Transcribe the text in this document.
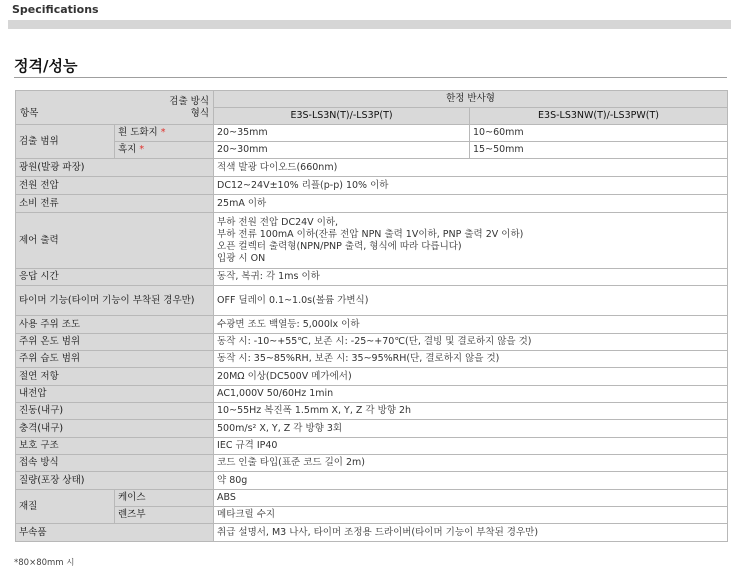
Specifications
정격/성능
검출 방식
항목 형식		한정 반사형	
		E3S-LS3N(T)/-LS3P(T)	E3S-LS3NW(T)/-LS3PW(T)
검출 범위	흰 도화지 *	20~35mm	10~60mm
	흑지 *	20~30mm	15~50mm
광원(발광 파장)		적색 발광 다이오드(660nm)	
전원 전압		DC12~24V±10% 리플(p-p) 10% 이하	
소비 전류		25mA 이하	
제어 출력		부하 전원 전압 DC24V 이하,
부하 전류 100mA 이하(잔류 전압 NPN 출력 1V이하, PNP 출력 2V 이하)
오픈 컬렉터 출력형(NPN/PNP 출력, 형식에 따라 다릅니다)
입광 시 ON	

응답 시간		동작, 복귀: 각 1ms 이하	
타이머 기능(타이머 기능이 부착된 경우만)		OFF 딜레이 0.1~1.0s(볼륨 가변식)	
사용 주위 조도		수광면 조도 백열등: 5,000lx 이하	
주위 온도 범위		동작 시: -10~+55℃, 보존 시: -25~+70℃(단, 결빙 및 결로하지 않을 것)	
주위 습도 범위		동작 시: 35~85%RH, 보존 시: 35~95%RH(단, 결로하지 않을 것)	
절연 저항		20MΩ 이상(DC500V 메가에서)	
내전압		AC1,000V 50/60Hz 1min	
진동(내구)		10~55Hz 복진폭 1.5mm X, Y, Z 각 방향 2h	
충격(내구)		500m/s² X, Y, Z 각 방향 3회	
보호 구조		IEC 규격 IP40	
접속 방식		코드 인출 타입(표준 코드 길이 2m)	
질량(포장 상태)		약 80g	
재질	케이스	ABS	
	렌즈부	메타크릴 수지	
부속품		취급 설명서, M3 나사, 타이머 조정용 드라이버(타이머 기능이 부착된 경우만)	
*80×80mm 시
